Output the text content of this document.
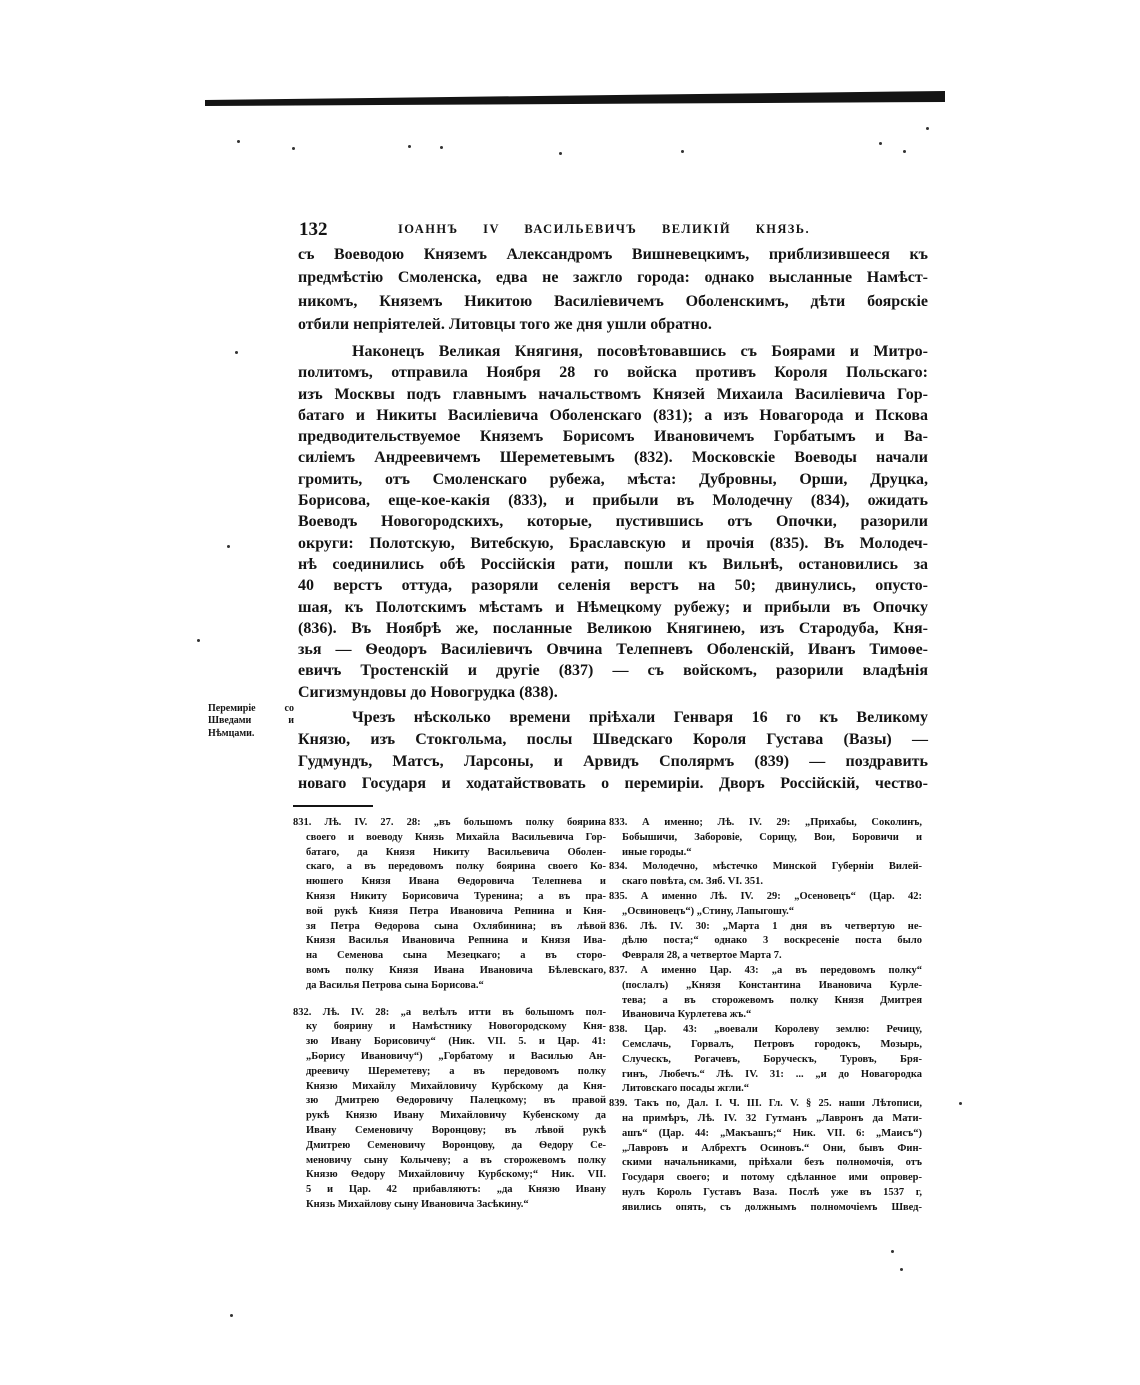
132	ІОАННЪ IV ВАСИЛЬЕВИЧЪ ВЕЛИКІЙ КНЯЗЬ.
съ Воеводою Княземъ Александромъ Вишневецкимъ, приблизившееся къ
предмѣстію Смоленска, едва не зажгло города: однако высланные Намѣст-
никомъ, Княземъ Никитою Василіевичемъ Оболенскимъ, дѣти боярскіе
отбили непріятелей. Литовцы того же дня ушли обратно.
Наконецъ Великая Княгиня, посовѣтовавшись съ Боярами и Митро-
политомъ, отправила Ноября 28 го войска противъ Короля Польскаго:
изъ Москвы подъ главнымъ начальствомъ Князей Михаила Василіевича Гор-
батаго и Никиты Василіевича Оболенскаго (831); а изъ Новагорода и Пскова
предводительствуемое Княземъ Борисомъ Ивановичемъ Горбатымъ и Ва-
силіемъ Андреевичемъ Шереметевымъ (832). Московскіе Воеводы начали
громить, отъ Смоленскаго рубежа, мѣста: Дубровны, Орши, Друцка,
Борисова, еще-кое-какія (833), и прибыли въ Молодечну (834), ожидать
Воеводъ Новогородскихъ, которые, пустившись отъ Опочки, разорили
округи: Полотскую, Витебскую, Браславскую и прочія (835). Въ Молодеч-
нѣ соединились обѣ Россійскія рати, пошли къ Вильнѣ, остановились за
40 верстъ оттуда, разоряли селенія верстъ на 50; двинулись, опусто-
шая, къ Полотскимъ мѣстамъ и Нѣмецкому рубежу; и прибыли въ Опочку
(836). Въ Ноябрѣ же, посланные Великою Княгинею, изъ Стародуба, Кня-
зья — Ѳеодоръ Василіевичъ Овчина Телепневъ Оболенскій, Иванъ Тимоѳе-
евичъ Тростенскій и другіе (837) — съ войскомъ, разорили владѣнія
Сигизмундовы до Новогрудка (838).
Перемиріе со
Шведами и
Нѣмцами.
Чрезъ нѣсколько времени пріѣхали Генваря 16 го къ Великому
Князю, изъ Стокгольма, послы Шведскаго Короля Густава (Вазы) —
Гудмундъ, Матсъ, Ларсоны, и Арвидъ Сполярмъ (839) — поздравить
новаго Государя и ходатайствовать о перемиріи. Дворъ Россійскій, чество-
831. Лѣ. IV. 27. 28: „въ большомъ полку боярина
своего и воеводу Князь Михайла Васильевича Гор-
батаго, да Князя Никиту Васильевича Оболен-
скаго, а въ передовомъ полку боярина своего Ко-
нюшего Князя Ивана Ѳедоровича Телепнева и
Князя Никиту Борисовича Туренина; а въ пра-
вой рукѣ Князя Петра Ивановича Репнина и Кня-
зя Петра Ѳедорова сына Охлябинина; въ лѣвой
Князя Василья Ивановича Репнина и Князя Ива-
на Семенова сына Мезецкаго; а въ сторо-
вомъ полку Князя Ивана Ивановича Бѣлевскаго,
да Василья Петрова сына Борисова.“
832. Лѣ. IV. 28: „а велѣлъ итти въ большомъ пол-
ку боярину и Намѣстнику Новогородскому Кня-
зю Ивану Борисовичу“ (Ник. VII. 5. и Цар. 41:
„Борису Ивановичу“) „Горбатому и Василью Ан-
дреевичу Шереметеву; а въ передовомъ полку
Князю Михайлу Михайловичу Курбскому да Кня-
зю Дмитрею Ѳедоровичу Палецкому; въ правой
рукѣ Князю Ивану Михайловичу Кубенскому да
Ивану Семеновичу Воронцову; въ лѣвой рукѣ
Дмитрею Семеновичу Воронцову, да Ѳедору Се-
меновичу сыну Колычеву; а въ сторожевомъ полку
Князю Ѳедору Михайловичу Курбскому;“ Ник. VII.
5 и Цар. 42 прибавляютъ: „да Князю Ивану
Князь Михайлову сыну Ивановича Засѣкину.“
833. А именно; Лѣ. IV. 29: „Прихабы, Соколинъ,
Бобышичи, Заборовіе, Сорицу, Вои, Боровичи и
иные городы.“
834. Молодечно, мѣстечко Минской Губерніи Вилей-
скаго повѣта, см. Зяб. VI. 351.
835. А именно Лѣ. IV. 29: „Осеновецъ“ (Цар. 42:
„Освиновецъ“) „Стину, Лапыгошу.“
836. Лѣ. IV. 30: „Марта 1 дня въ четвертую не-
дѣлю поста;“ однако 3 воскресеніе поста было
Февраля 28, а четвертое Марта 7.
837. А именно Цар. 43: „а въ передовомъ полку“
(послалъ) „Князя Константина Ивановича Курле-
тева; а въ сторожевомъ полку Князя Дмитрея
Ивановича Курлетева жъ.“
838. Цар. 43: „воевали Королеву землю: Речицу,
Семслачь, Горвалъ, Петровъ городокъ, Мозырь,
Случескъ, Рогачевъ, Боруческъ, Туровъ, Бря-
гинъ, Любечъ.“ Лѣ. IV. 31: ... „и до Новагородка
Литовскаго посады жгли.“
839. Такъ по, Дал. І. Ч. III. Гл. V. § 25. наши Лѣтописи,
на примѣръ, Лѣ. IV. 32 Гутманъ „Лавронъ да Мати-
ашъ“ (Цар. 44: „Макъашъ;“ Ник. VII. 6: „Маисъ“)
„Лавровъ и Албрехтъ Осиновъ.“ Они, бывъ Фин-
скими начальниками, пріѣхали безъ полномочія, отъ
Государя своего; и потому сдѣланное ими опровер-
нулъ Король Густавъ Ваза. Послѣ уже въ 1537 г,
явились опять, съ должнымъ полномочіемъ Швед-
